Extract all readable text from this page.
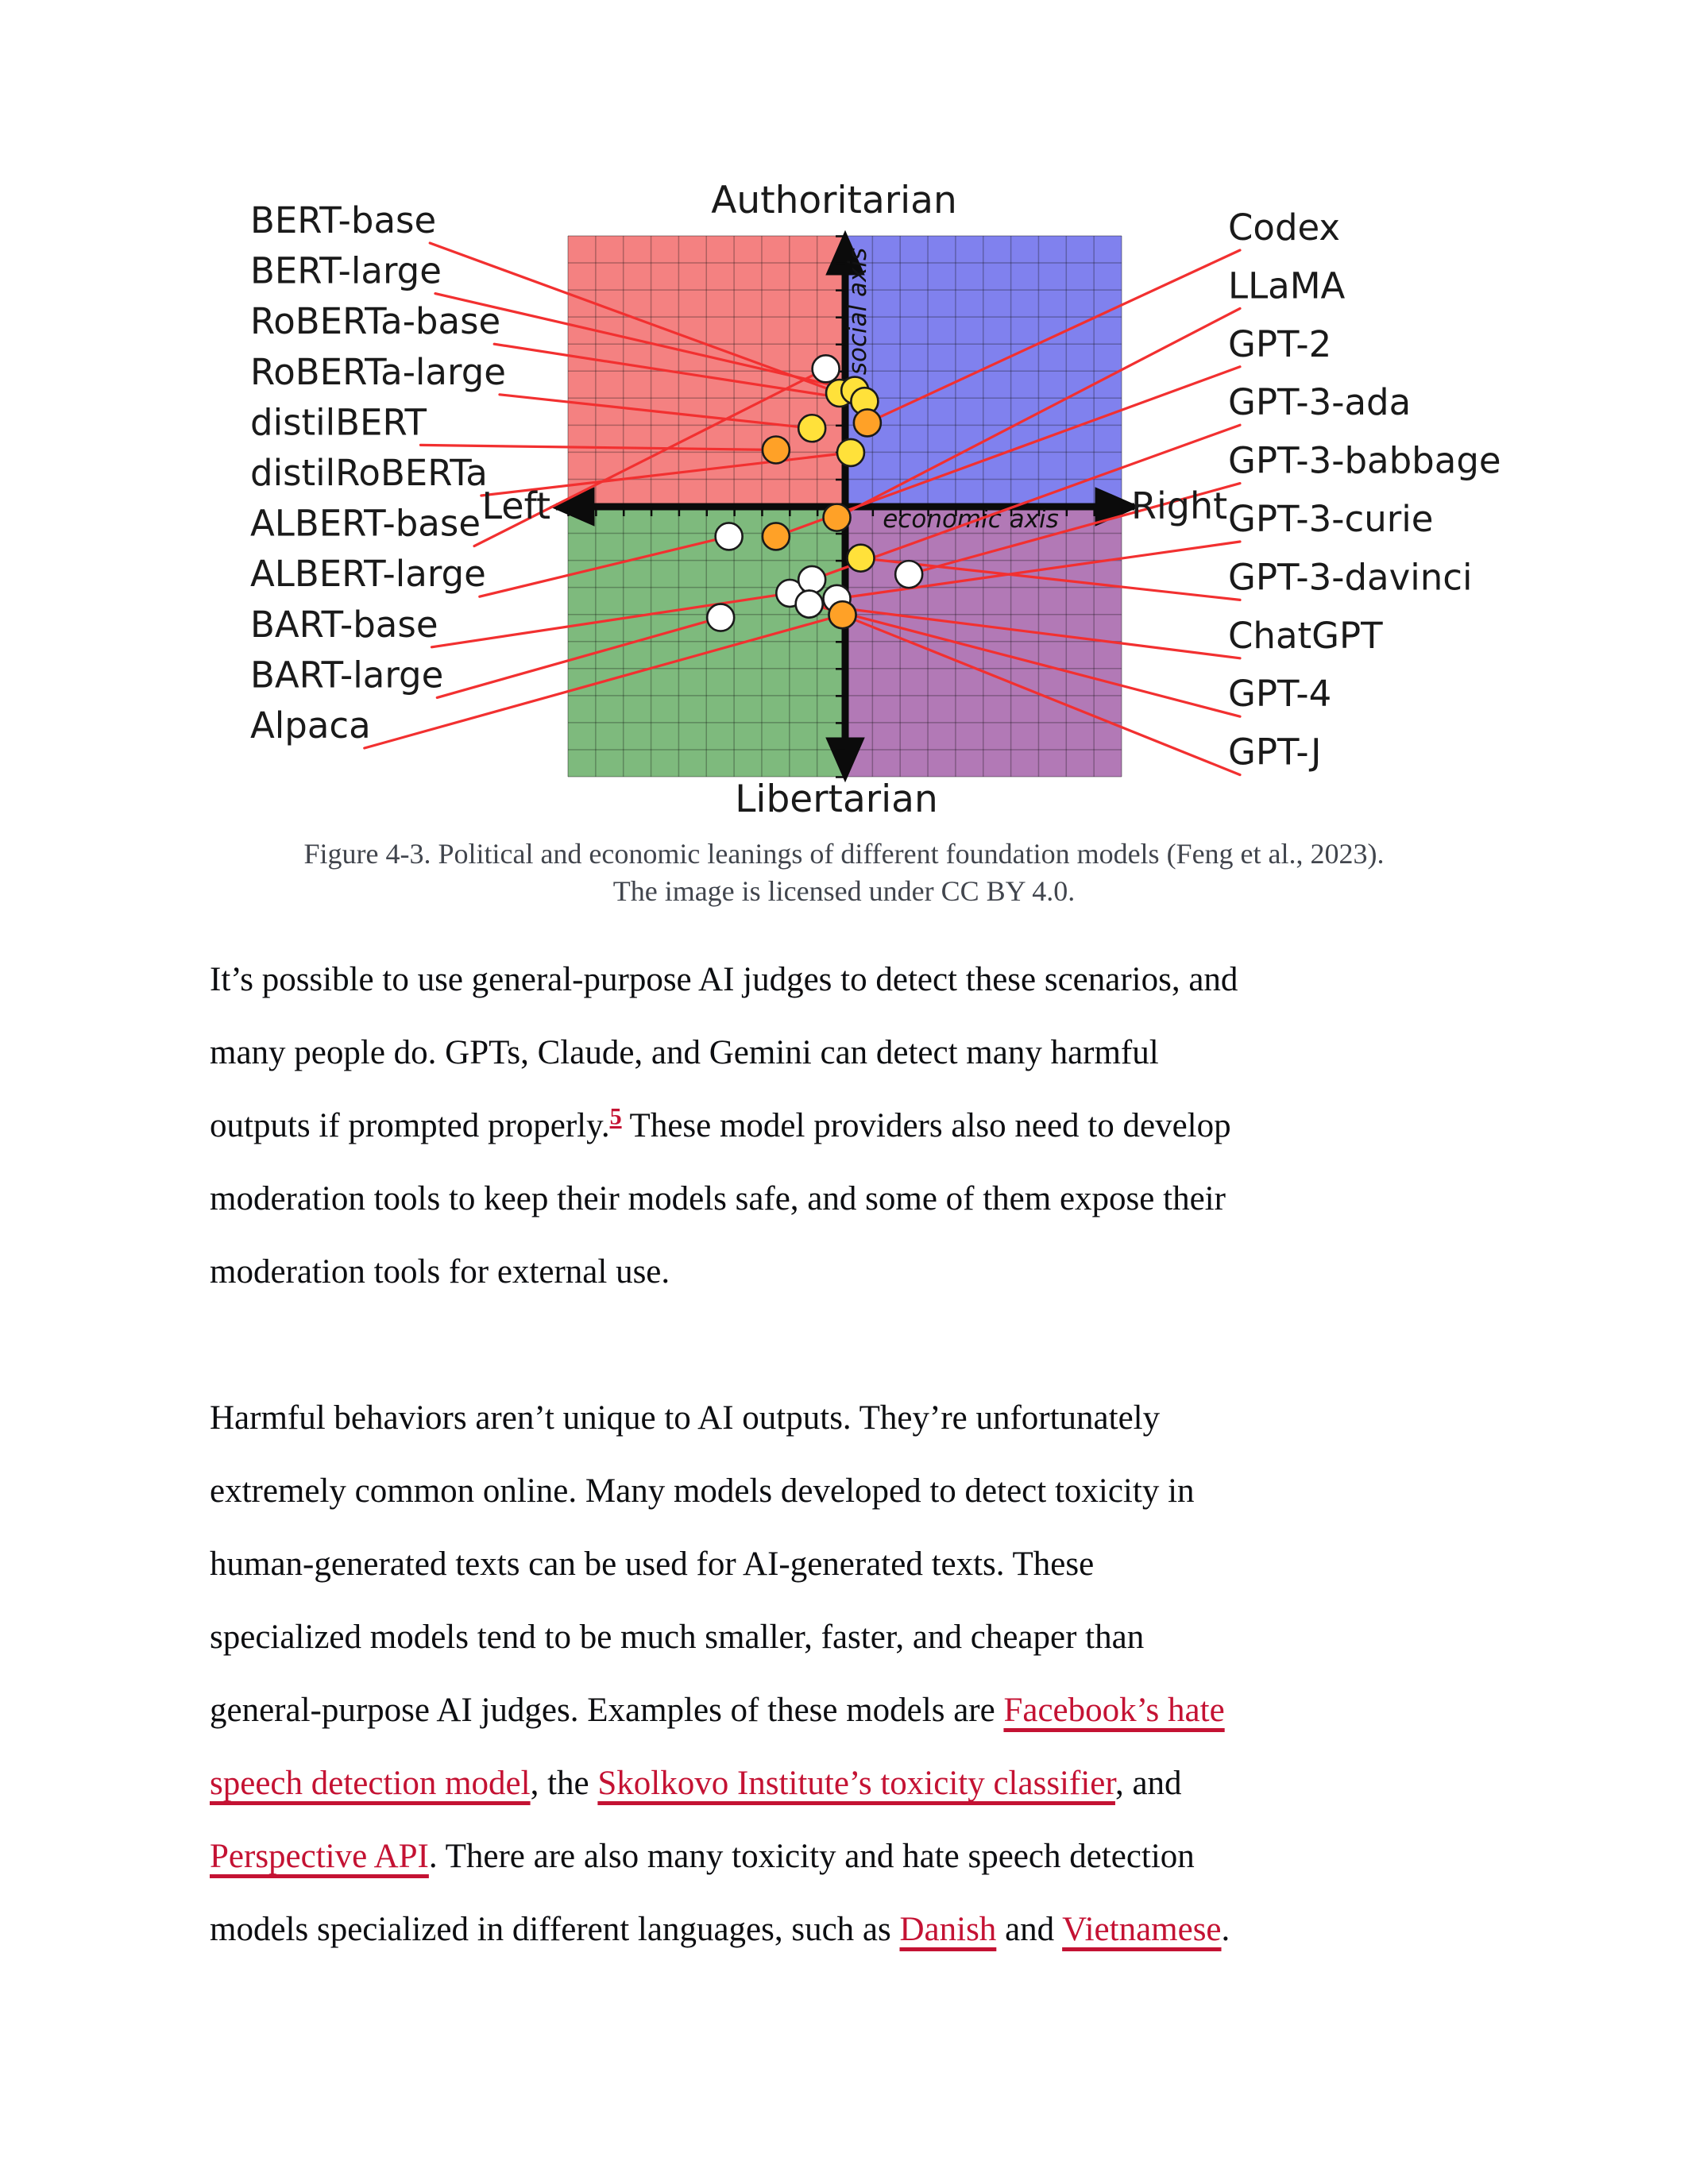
economic axis
social axis
BERT-base
BERT-large
RoBERTa-base
RoBERTa-large
distilBERT
distilRoBERTa
ALBERT-base
ALBERT-large
BART-base
BART-large
Alpaca
Codex
LLaMA
GPT-2
GPT-3-ada
GPT-3-babbage
GPT-3-curie
GPT-3-davinci
ChatGPT
GPT-4
GPT-J
Authoritarian
Libertarian
Left	Right
Figure 4-3. Political and economic leanings of different foundation models (Feng et al., 2023).
The image is licensed under CC BY 4.0.
It’s possible to use general-purpose AI judges to detect these scenarios, and
many people do. GPTs, Claude, and Gemini can detect many harmful
outputs if prompted properly.$^5$ These model providers also need to develop
moderation tools to keep their models safe, and some of them expose their
moderation tools for external use.
Harmful behaviors aren’t unique to AI outputs. They’re unfortunately
extremely common online. Many models developed to detect toxicity in
human-generated texts can be used for AI-generated texts. These
specialized models tend to be much smaller, faster, and cheaper than
general-purpose AI judges. Examples of these models are Facebook’s hate
speech detection model, the Skolkovo Institute’s toxicity classifier, and
Perspective API. There are also many toxicity and hate speech detection
models specialized in different languages, such as Danish and Vietnamese.
